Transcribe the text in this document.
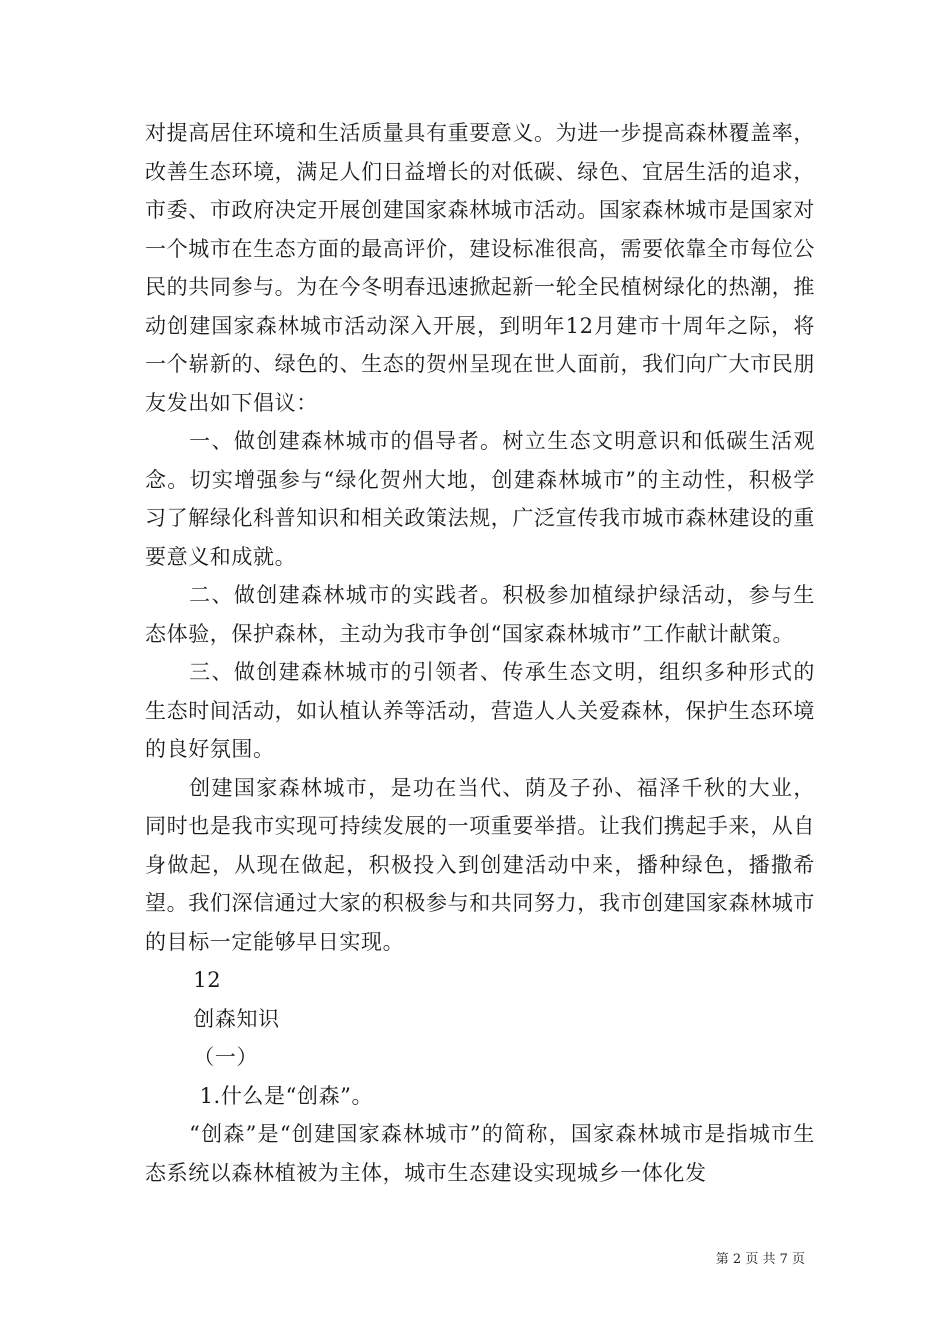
对提高居住环境和生活质量具有重要意义。为进一步提高森林覆盖率，改善生态环境，满足人们日益增长的对低碳、绿色、宜居生活的追求，市委、市政府决定开展创建国家森林城市活动。国家森林城市是国家对一个城市在生态方面的最高评价，建设标准很高，需要依靠全市每位公民的共同参与。为在今冬明春迅速掀起新一轮全民植树绿化的热潮，推动创建国家森林城市活动深入开展，到明年12月建市十周年之际，将一个崭新的、绿色的、生态的贺州呈现在世人面前，我们向广大市民朋友发出如下倡议：

一、做创建森林城市的倡导者。树立生态文明意识和低碳生活观念。切实增强参与“绿化贺州大地，创建森林城市”的主动性，积极学习了解绿化科普知识和相关政策法规，广泛宣传我市城市森林建设的重要意义和成就。

二、做创建森林城市的实践者。积极参加植绿护绿活动，参与生态体验，保护森林，主动为我市争创“国家森林城市”工作献计献策。

三、做创建森林城市的引领者、传承生态文明，组织多种形式的生态时间活动，如认植认养等活动，营造人人关爱森林，保护生态环境的良好氛围。

创建国家森林城市，是功在当代、荫及子孙、福泽千秋的大业，同时也是我市实现可持续发展的一项重要举措。让我们携起手来，从自身做起，从现在做起，积极投入到创建活动中来，播种绿色，播撒希望。我们深信通过大家的积极参与和共同努力，我市创建国家森林城市的目标一定能够早日实现。

12

创森知识

（一）

1.什么是“创森”。

“创森”是“创建国家森林城市”的简称，国家森林城市是指城市生态系统以森林植被为主体，城市生态建设实现城乡一体化发

第 2 页 共 7 页
